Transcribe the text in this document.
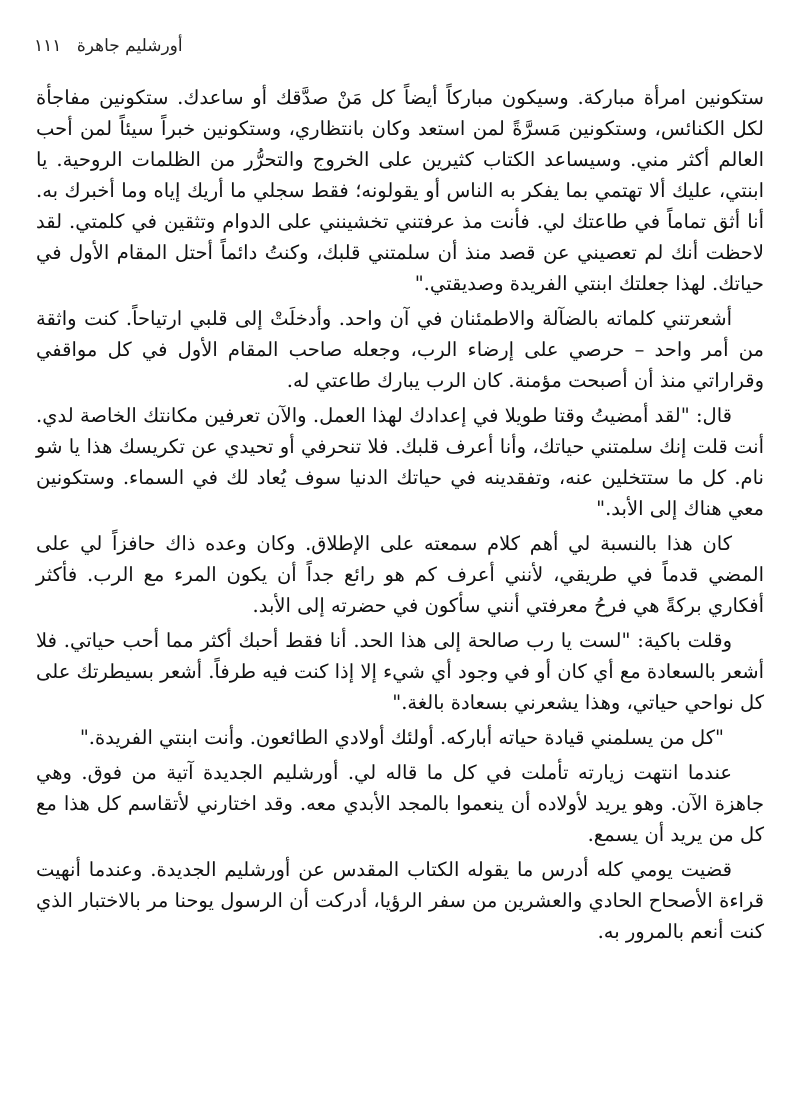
أورشليم جاهرة ١١١

ستكونين امرأة مباركة. وسيكون مباركاً أيضاً كل مَنْ صدَّقك أو ساعدك. ستكونين مفاجأة لكل الكنائس، وستكونين مَسرَّةً لمن استعد وكان بانتظاري، وستكونين خبراً سيئاً لمن أحب العالم أكثر مني. وسيساعد الكتاب كثيرين على الخروج والتحرُّر من الظلمات الروحية. يا ابنتي، عليك ألا تهتمي بما يفكر به الناس أو يقولونه؛ فقط سجلي ما أريك إياه وما أخبرك به. أنا أثق تماماً في طاعتك لي. فأنت مذ عرفتني تخشينني على الدوام وتثقين في كلمتي. لقد لاحظت أنك لم تعصيني عن قصد منذ أن سلمتني قلبك، وكنتُ دائماً أحتل المقام الأول في حياتك. لهذا جعلتك ابنتي الفريدة وصديقتي."

أشعرتني كلماته بالضآلة والاطمئنان في آن واحد. وأدخلَتْ إلى قلبي ارتياحاً. كنت واثقة من أمر واحد – حرصي على إرضاء الرب، وجعله صاحب المقام الأول في كل مواقفي وقراراتي منذ أن أصبحت مؤمنة. كان الرب يبارك طاعتي له.

قال: "لقد أمضيتُ وقتا طويلا في إعدادك لهذا العمل. والآن تعرفين مكانتك الخاصة لدي. أنت قلت إنك سلمتني حياتك، وأنا أعرف قلبك. فلا تنحرفي أو تحيدي عن تكريسك هذا يا شو نام. كل ما ستتخلين عنه، وتفقدينه في حياتك الدنيا سوف يُعاد لك في السماء. وستكونين معي هناك إلى الأبد."

كان هذا بالنسبة لي أهم كلام سمعته على الإطلاق. وكان وعده ذاك حافزاً لي على المضي قدماً في طريقي، لأنني أعرف كم هو رائع جداً أن يكون المرء مع الرب. فأكثر أفكاري بركةً هي فرحُ معرفتي أنني سأكون في حضرته إلى الأبد.

وقلت باكية: "لست يا رب صالحة إلى هذا الحد. أنا فقط أحبك أكثر مما أحب حياتي. فلا أشعر بالسعادة مع أي كان أو في وجود أي شيء إلا إذا كنت فيه طرفاً. أشعر بسيطرتك على كل نواحي حياتي، وهذا يشعرني بسعادة بالغة."

"كل من يسلمني قيادة حياته أباركه. أولئك أولادي الطائعون. وأنت ابنتي الفريدة."

عندما انتهت زيارته تأملت في كل ما قاله لي. أورشليم الجديدة آتية من فوق. وهي جاهزة الآن. وهو يريد لأولاده أن ينعموا بالمجد الأبدي معه. وقد اختارني لأتقاسم كل هذا مع كل من يريد أن يسمع.

قضيت يومي كله أدرس ما يقوله الكتاب المقدس عن أورشليم الجديدة. وعندما أنهيت قراءة الأصحاح الحادي والعشرين من سفر الرؤيا، أدركت أن الرسول يوحنا مر بالاختبار الذي كنت أنعم بالمرور به.
